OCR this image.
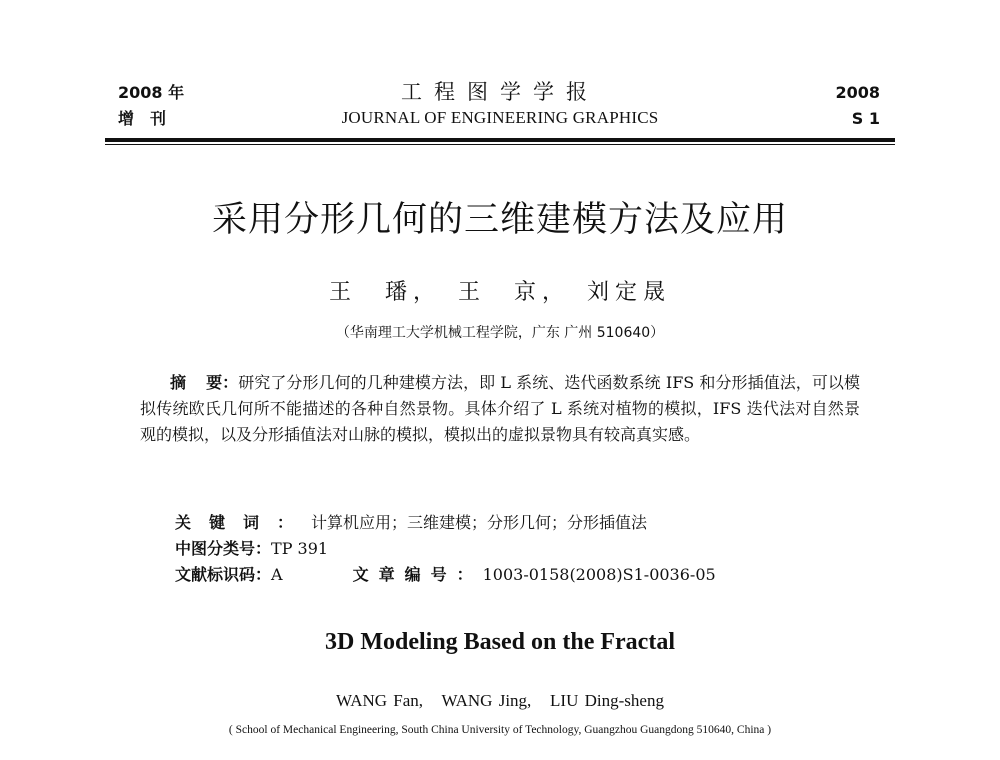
2008 年
增　刊
工程图学学报
JOURNAL OF ENGINEERING GRAPHICS
2008
S 1
采用分形几何的三维建模方法及应用
王　璠，　王　京，　刘定晟
（华南理工大学机械工程学院，广东 广州 510640）
摘要：研究了分形几何的几种建模方法，即 L 系统、迭代函数系统 IFS 和分形插值法，可以模拟传统欧氏几何所不能描述的各种自然景物。具体介绍了 L 系统对植物的模拟，IFS 迭代法对自然景观的模拟，以及分形插值法对山脉的模拟，模拟出的虚拟景物具有较高真实感。
关键词：计算机应用；三维建模；分形几何；分形插值法
中图分类号：TP 391
文献标识码：A	文章编号：1003-0158(2008)S1-0036-05
3D Modeling Based on the Fractal
WANG Fan,   WANG Jing,   LIU Ding-sheng
( School of Mechanical Engineering, South China University of Technology, Guangzhou Guangdong 510640, China )
